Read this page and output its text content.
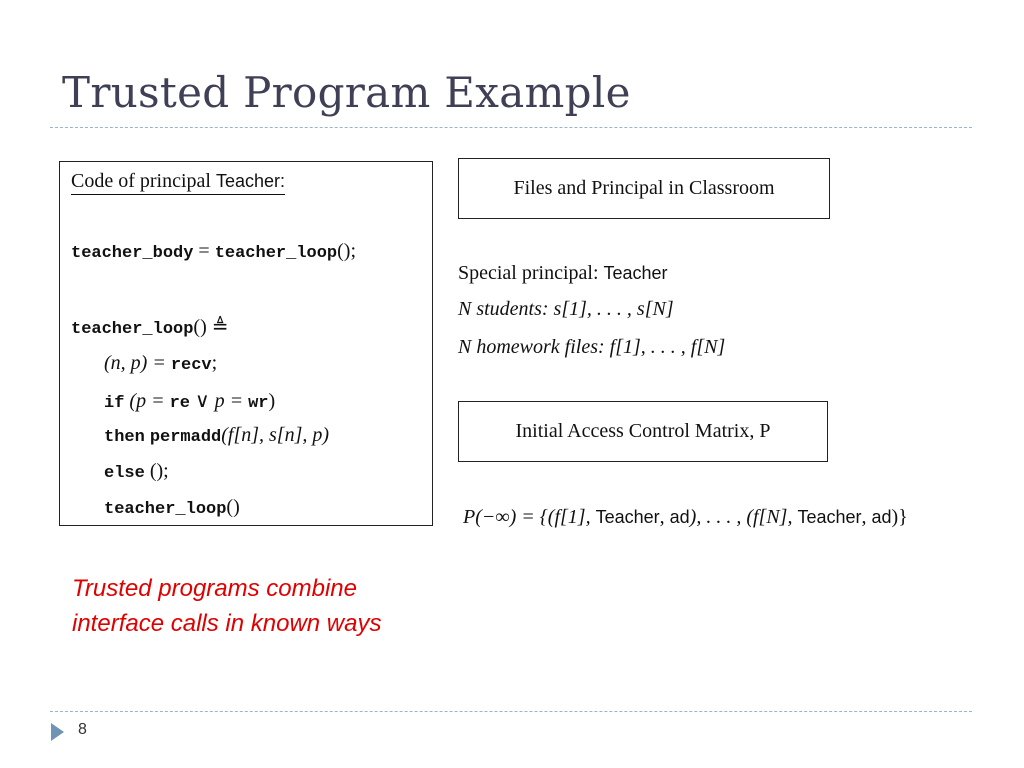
Trusted Program Example
Code of principal Teacher:
teacher_body = teacher_loop();
teacher_loop() ≜
(n, p) = recv;
if (p = re ∨ p = wr)
then permadd(f[n], s[n], p)
else ();
teacher_loop()
Files and Principal in Classroom
Special principal: Teacher
N students: s[1], . . . , s[N]
N homework files: f[1], . . . , f[N]
Initial Access Control Matrix, P
P(−∞) = {(f[1], Teacher, ad), . . . , (f[N], Teacher, ad)}
Trusted programs combine interface calls in known ways
8
